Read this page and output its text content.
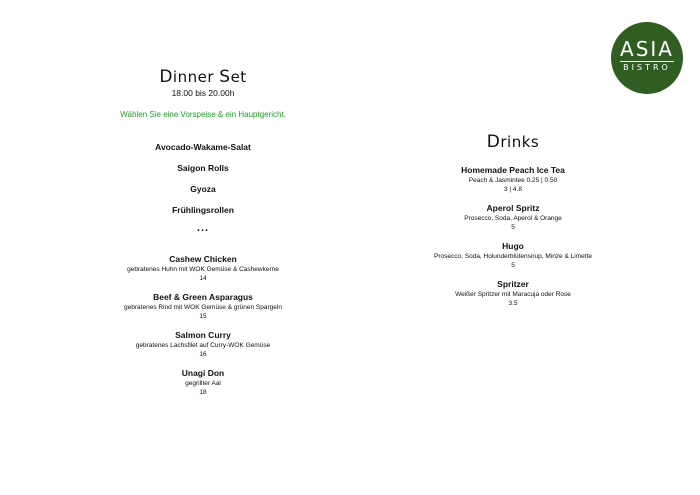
ASIA
BISTRO
Dinner Set
18.00 bis 20.00h
Wählen Sie eine Vorspeise & ein Hauptgericht.
Avocado-Wakame-Salat
Saigon Rolls
Gyoza
Frühlingsrollen
...
Cashew Chicken
gebratenes Huhn mit WOK Gemüse & Cashewkerne
14
Beef & Green Asparagus
gebratenes Rind mit WOK Gemüse & grünen Spargeln
15
Salmon Curry
gebratenes Lachsfilet auf Curry-WOK Gemüse
16
Unagi Don
gegrillter Aal
18
Drinks
Homemade Peach Ice Tea
Peach & Jasmintee 0.25 | 0.50
3 | 4.8
Aperol Spritz
Prosecco, Soda, Aperol & Orange
5
Hugo
Prosecco, Soda, Holunderblütensirup, Minze & Limette
5
Spritzer
Weißer Spritzer mit Maracuja oder Rose
3.5
